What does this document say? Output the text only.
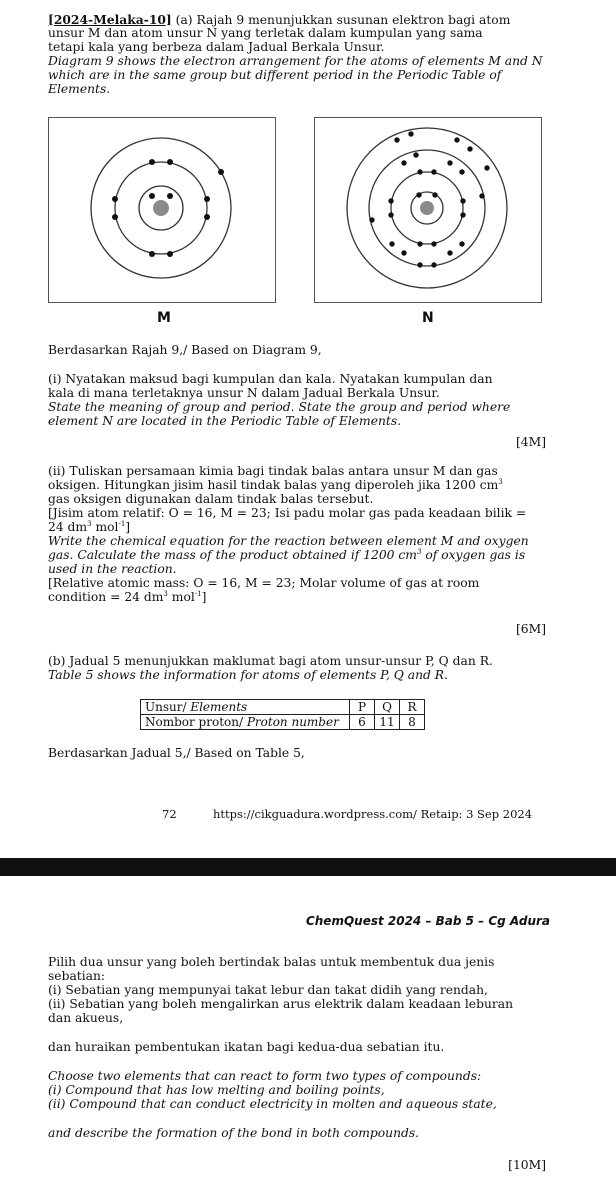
[2024-Melaka-10] (a) Rajah 9 menunjukkan susunan elektron bagi atom
unsur M dan atom unsur N yang terletak dalam kumpulan yang sama
tetapi kala yang berbeza dalam Jadual Berkala Unsur.
Diagram 9 shows the electron arrangement for the atoms of elements M and N
which are in the same group but different period in the Periodic Table of
Elements.
M	N
Berdasarkan Rajah 9,/ Based on Diagram 9,
(i) Nyatakan maksud bagi kumpulan dan kala. Nyatakan kumpulan dan
kala di mana terletaknya unsur N dalam Jadual Berkala Unsur.
State the meaning of group and period. State the group and period where
element N are located in the Periodic Table of Elements.
[4M]
(ii) Tuliskan persamaan kimia bagi tindak balas antara unsur M dan gas
oksigen. Hitungkan jisim hasil tindak balas yang diperoleh jika 1200 $cm^3$
gas oksigen digunakan dalam tindak balas tersebut.
[Jisim atom relatif: O = 16, M = 23; Isi padu molar gas pada keadaan bilik =
24 $dm^3$ mol$^{-1}$]
Write the chemical equation for the reaction between element M and oxygen
gas. Calculate the mass of the product obtained if 1200 $cm^3$ of oxygen gas is
used in the reaction.
[Relative atomic mass: O = 16, M = 23; Molar volume of gas at room
condition = 24 $dm^3$ mol$^{-1}$]
[6M]
(b) Jadual 5 menunjukkan maklumat bagi atom unsur-unsur P, Q dan R.
Table 5 shows the information for atoms of elements P, Q and R.
Unsur/ Elements	P	Q	R
Nombor proton/ Proton number	6	11	8
Berdasarkan Jadual 5,/ Based on Table 5,
72	https://cikguadura.wordpress.com/ Retaip: 3 Sep 2024
ChemQuest 2024 – Bab 5 – Cg Adura
Pilih dua unsur yang boleh bertindak balas untuk membentuk dua jenis
sebatian:
(i) Sebatian yang mempunyai takat lebur dan takat didih yang rendah,
(ii) Sebatian yang boleh mengalirkan arus elektrik dalam keadaan leburan
dan akueus,
dan huraikan pembentukan ikatan bagi kedua-dua sebatian itu.
Choose two elements that can react to form two types of compounds:
(i) Compound that has low melting and boiling points,
(ii) Compound that can conduct electricity in molten and aqueous state,
and describe the formation of the bond in both compounds.
[10M]
